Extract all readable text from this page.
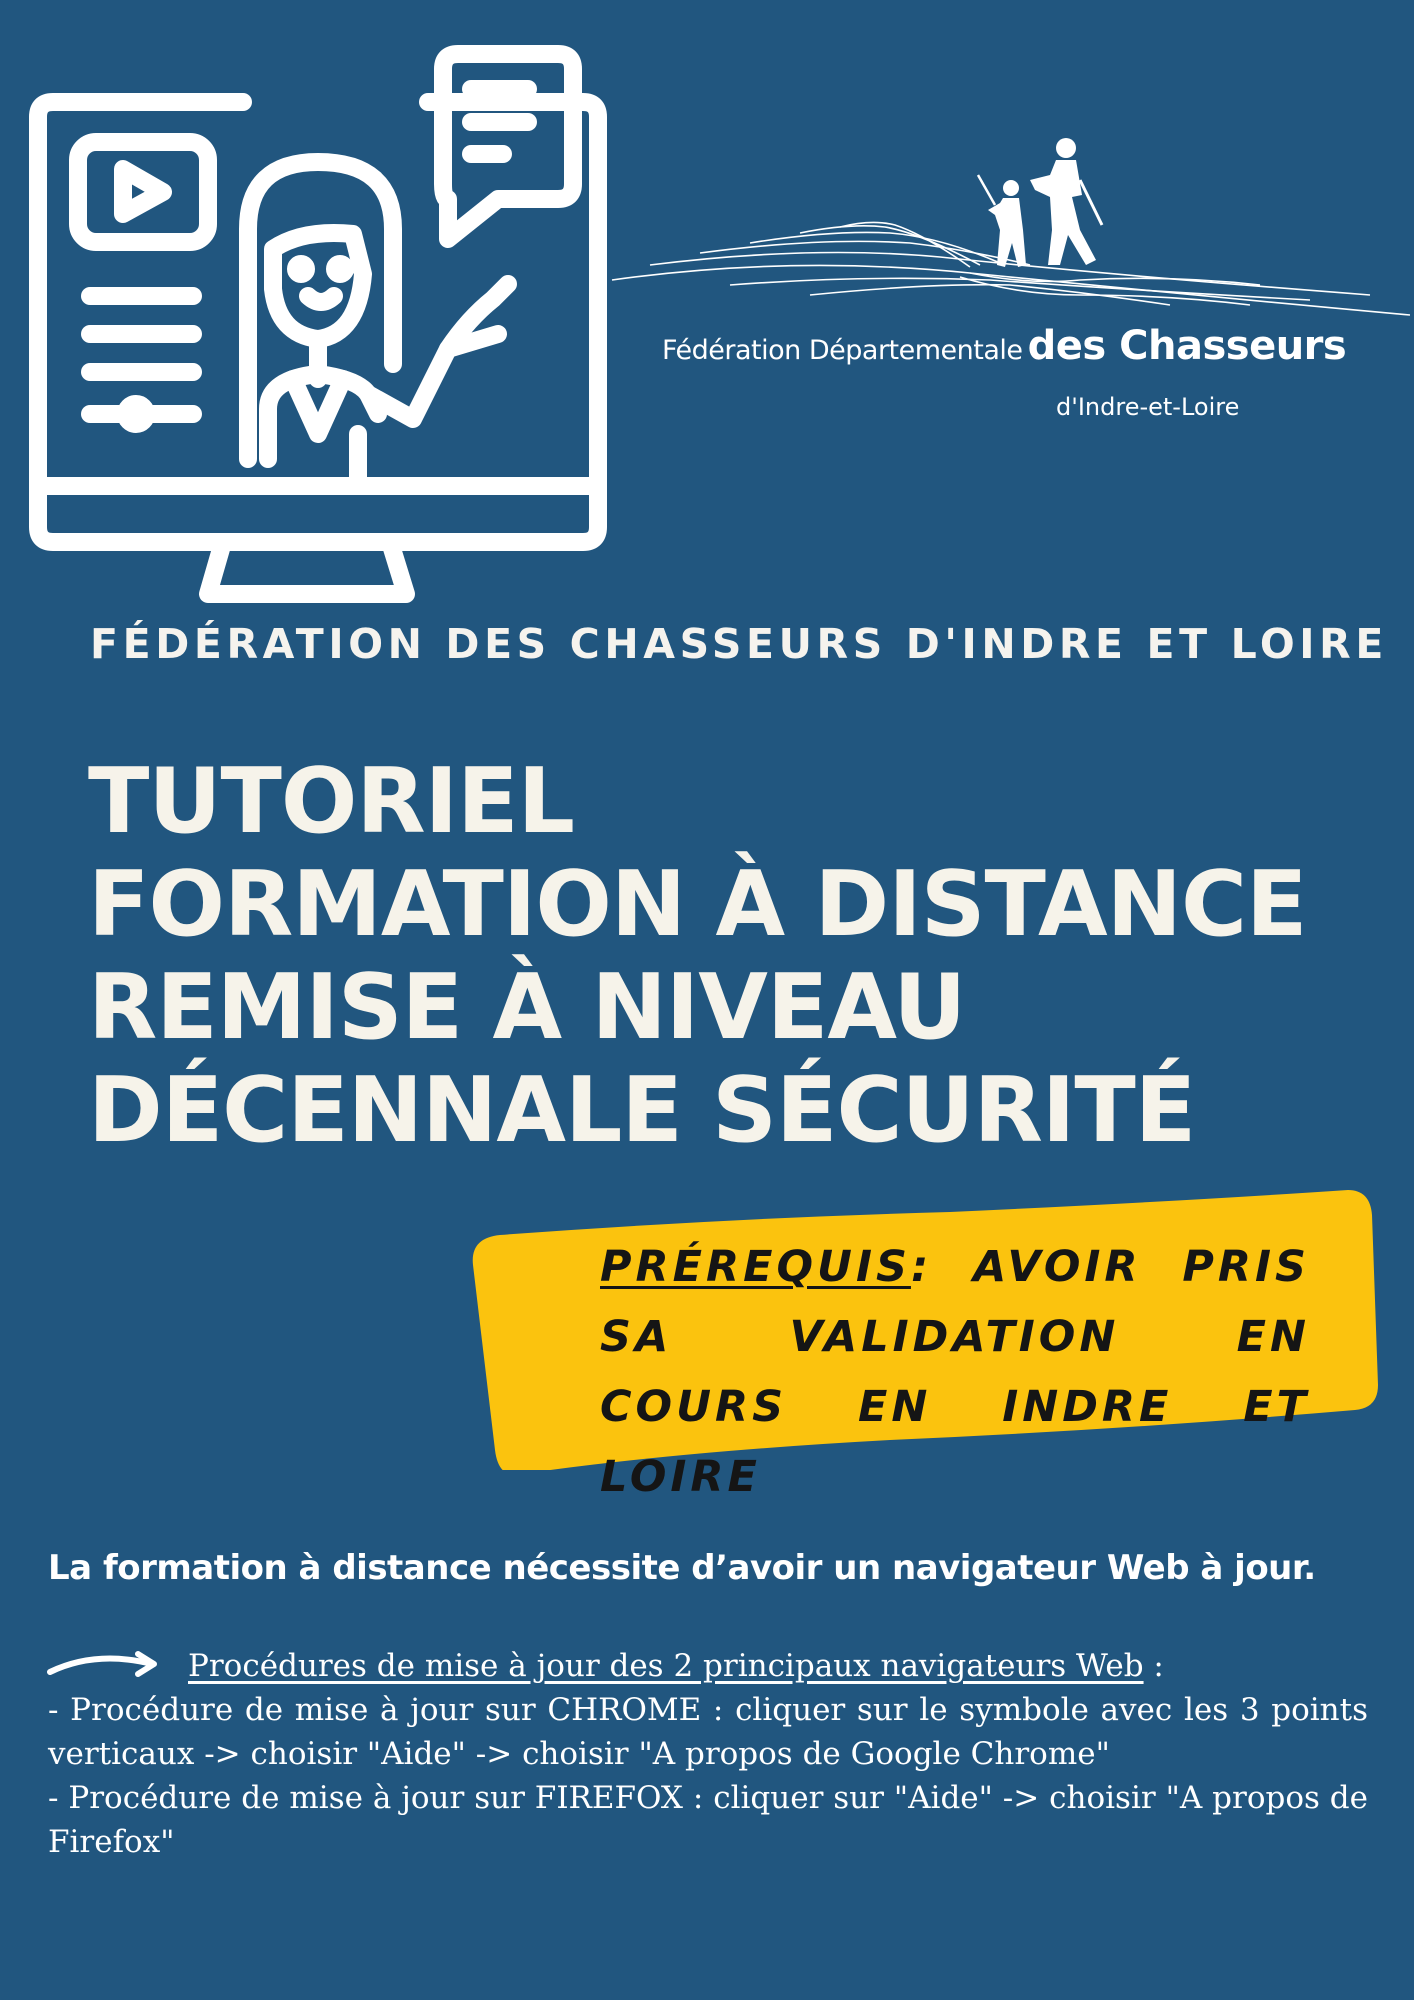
Fédération Départementale des Chasseurs
d'Indre-et-Loire
FÉDÉRATION DES CHASSEURS D'INDRE ET LOIRE
TUTORIEL
FORMATION À DISTANCE
REMISE À NIVEAU
DÉCENNALE SÉCURITÉ
PRÉREQUIS: AVOIR PRIS SA VALIDATION EN COURS EN INDRE ET LOIRE
La formation à distance nécessite d’avoir un navigateur Web à jour.

Procédures de mise à jour des 2 principaux navigateurs Web :

- Procédure de mise à jour sur CHROME : cliquer sur le symbole avec les 3 points verticaux -> choisir "Aide" -> choisir "A propos de Google Chrome"

- Procédure de mise à jour sur FIREFOX : cliquer sur "Aide" -> choisir "A propos de Firefox"
